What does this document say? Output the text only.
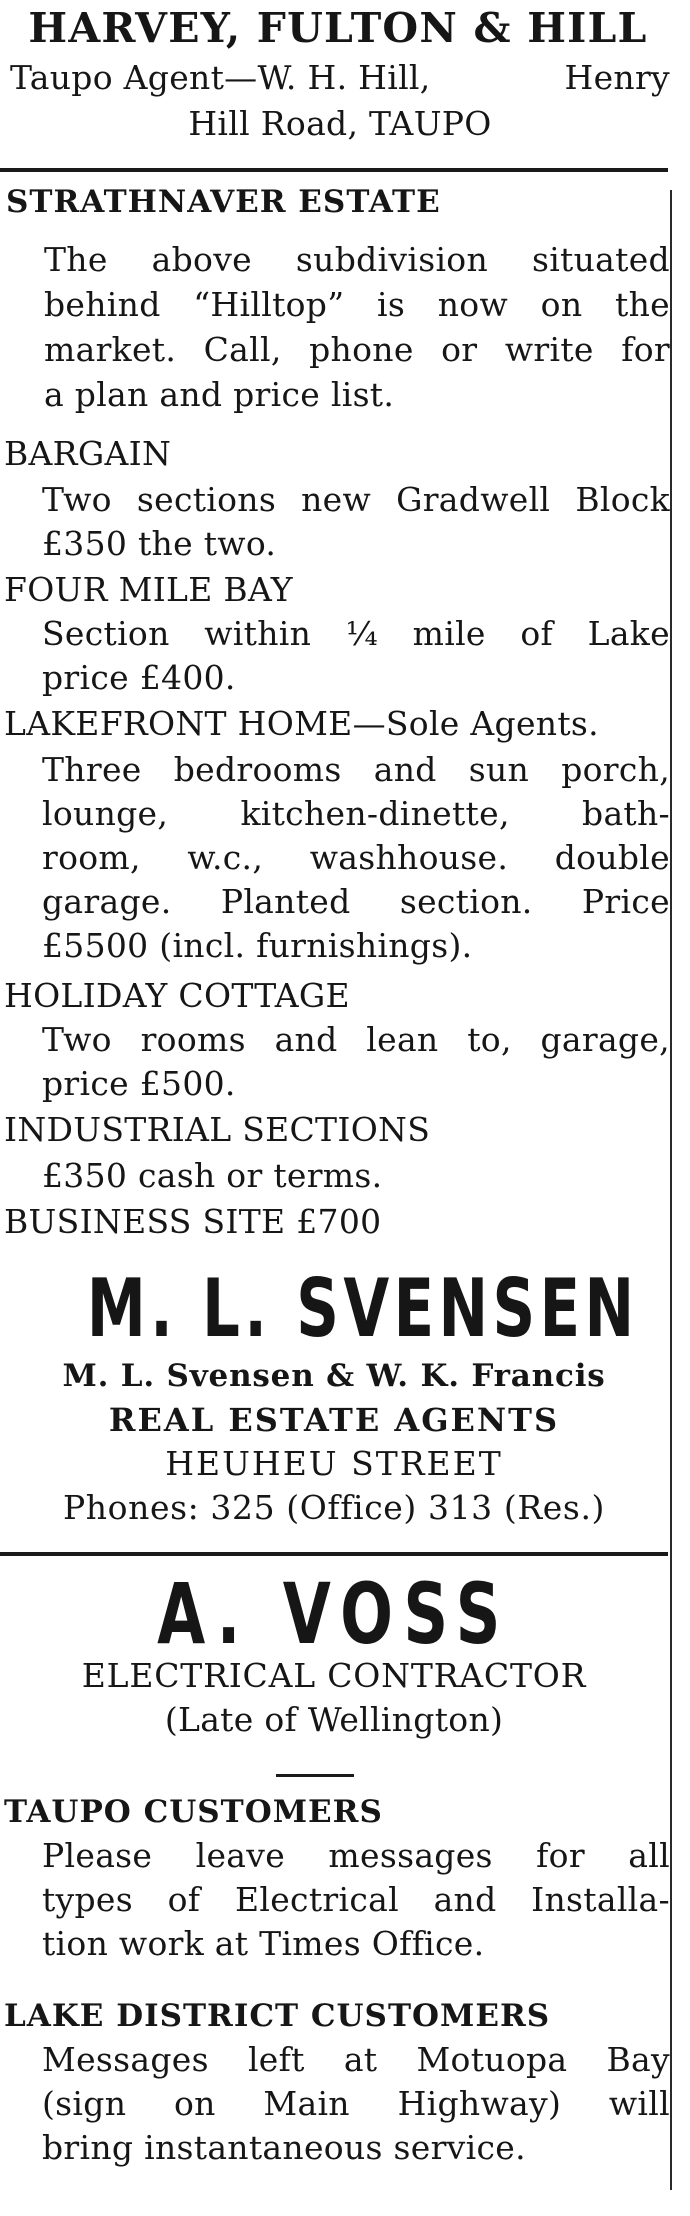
HARVEY, FULTON & HILL
Taupo Agent—W. H. Hill,	Henry
Hill Road, TAUPO
STRATHNAVER ESTATE
The above subdivision situated
behind “Hilltop” is now on the
market. Call, phone or write for
a plan and price list.
BARGAIN
Two sections new Gradwell Block
£350 the two.
FOUR MILE BAY
Section within ¼ mile of Lake
price £400.
LAKEFRONT HOME—Sole Agents.
Three bedrooms and sun porch,
lounge, kitchen-dinette, bath-
room, w.c., washhouse. double
garage. Planted section. Price
£5500 (incl. furnishings).
HOLIDAY COTTAGE
Two rooms and lean to, garage,
price £500.
INDUSTRIAL SECTIONS
£350 cash or terms.
BUSINESS SITE £700
M. L. SVENSEN
M. L. Svensen & W. K. Francis
REAL ESTATE AGENTS
HEUHEU STREET
Phones: 325 (Office) 313 (Res.)
A. VOSS
ELECTRICAL CONTRACTOR
(Late of Wellington)
TAUPO CUSTOMERS
Please leave messages for all
types of Electrical and Installa-
tion work at Times Office.
LAKE DISTRICT CUSTOMERS
Messages left at Motuopa Bay
(sign on Main Highway) will
bring instantaneous service.
